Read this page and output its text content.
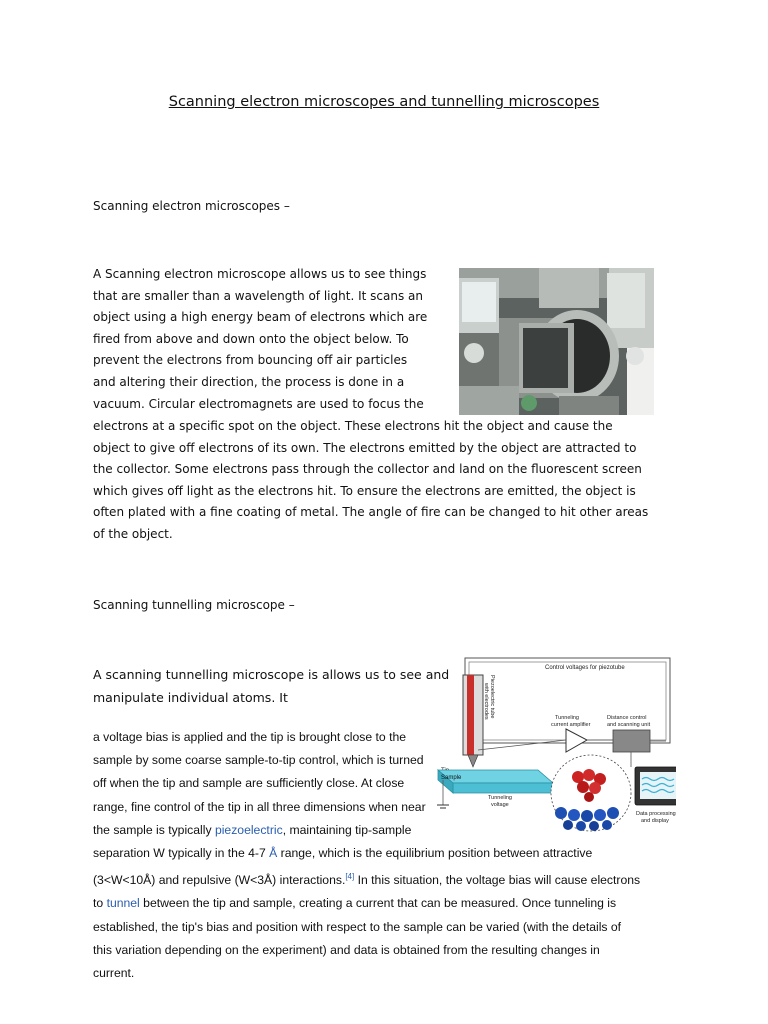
Scanning electron microscopes and tunnelling microscopes
Scanning electron microscopes –
A Scanning electron microscope allows us to see things
that are smaller than a wavelength of light. It scans an
object using a high energy beam of electrons which are
fired from above and down onto the object below. To
prevent the electrons from bouncing off air particles
and altering their direction, the process is done in a
vacuum. Circular electromagnets are used to focus the
electrons at a specific spot on the object. These electrons hit the object and cause the
object to give off electrons of its own. The electrons emitted by the object are attracted to
the collector. Some electrons pass through the collector and land on the fluorescent screen
which gives off light as the electrons hit. To ensure the electrons are emitted, the object is
often plated with a fine coating of metal. The angle of fire can be changed to hit other areas
of the object.
Scanning tunnelling microscope –
A scanning tunnelling microscope is allows us to see and
manipulate individual atoms. It
a voltage bias is applied and the tip is brought close to the
sample by some coarse sample-to-tip control, which is turned
off when the tip and sample are sufficiently close. At close
range, fine control of the tip in all three dimensions when near
the sample is typically piezoelectric, maintaining tip-sample
separation W typically in the 4-7 Å range, which is the equilibrium position between attractive
(3<W<10Å) and repulsive (W<3Å) interactions.[4] In this situation, the voltage bias will cause electrons
to tunnel between the tip and sample, creating a current that can be measured. Once tunneling is
established, the tip's bias and position with respect to the sample can be varied (with the details of
this variation depending on the experiment) and data is obtained from the resulting changes in
current.
Control voltages for piezotube
Piezoelectric tube
with electrodes	Tunneling
current amplifier
Distance control
and scanning unit
Sample
Tunneling
voltage
Data processing
and display
